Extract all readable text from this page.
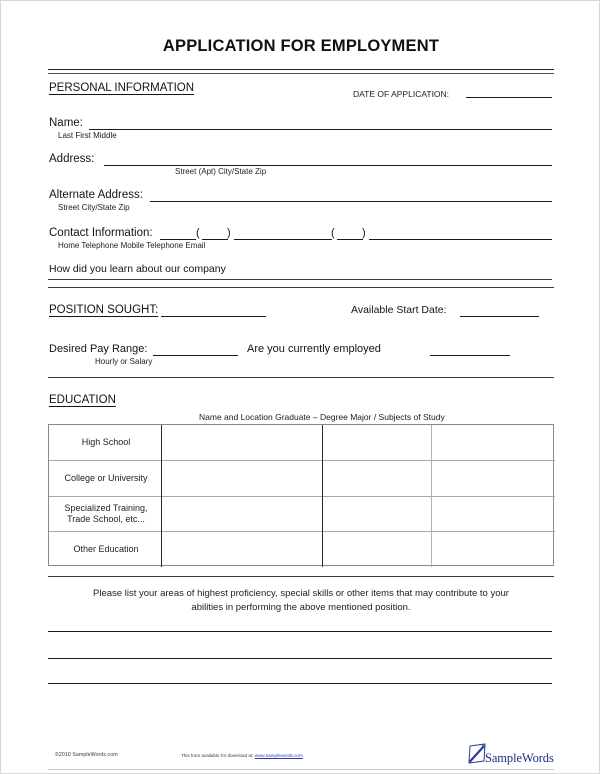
APPLICATION FOR EMPLOYMENT
PERSONAL INFORMATION	DATE OF APPLICATION:
Name:
Last First Middle
Address:
Street (Apt) City/State Zip
Alternate Address:
Street City/State Zip
Contact Information:	( )	( )
Home Telephone Mobile Telephone Email
How did you learn about our company
POSITION SOUGHT:	Available Start Date:
Desired Pay Range:
Hourly or Salary
Are you currently employed
EDUCATION
Name and Location Graduate – Degree Major / Subjects of Study
High School
College or University
Specialized Training,
Trade School, etc...
Other Education
Please list your areas of highest proficiency, special skills or other items that may contribute to your
abilities in performing the above mentioned position.
©2010 SampleWords.com	This form available for download at: www.samplewords.com	SampleWords
